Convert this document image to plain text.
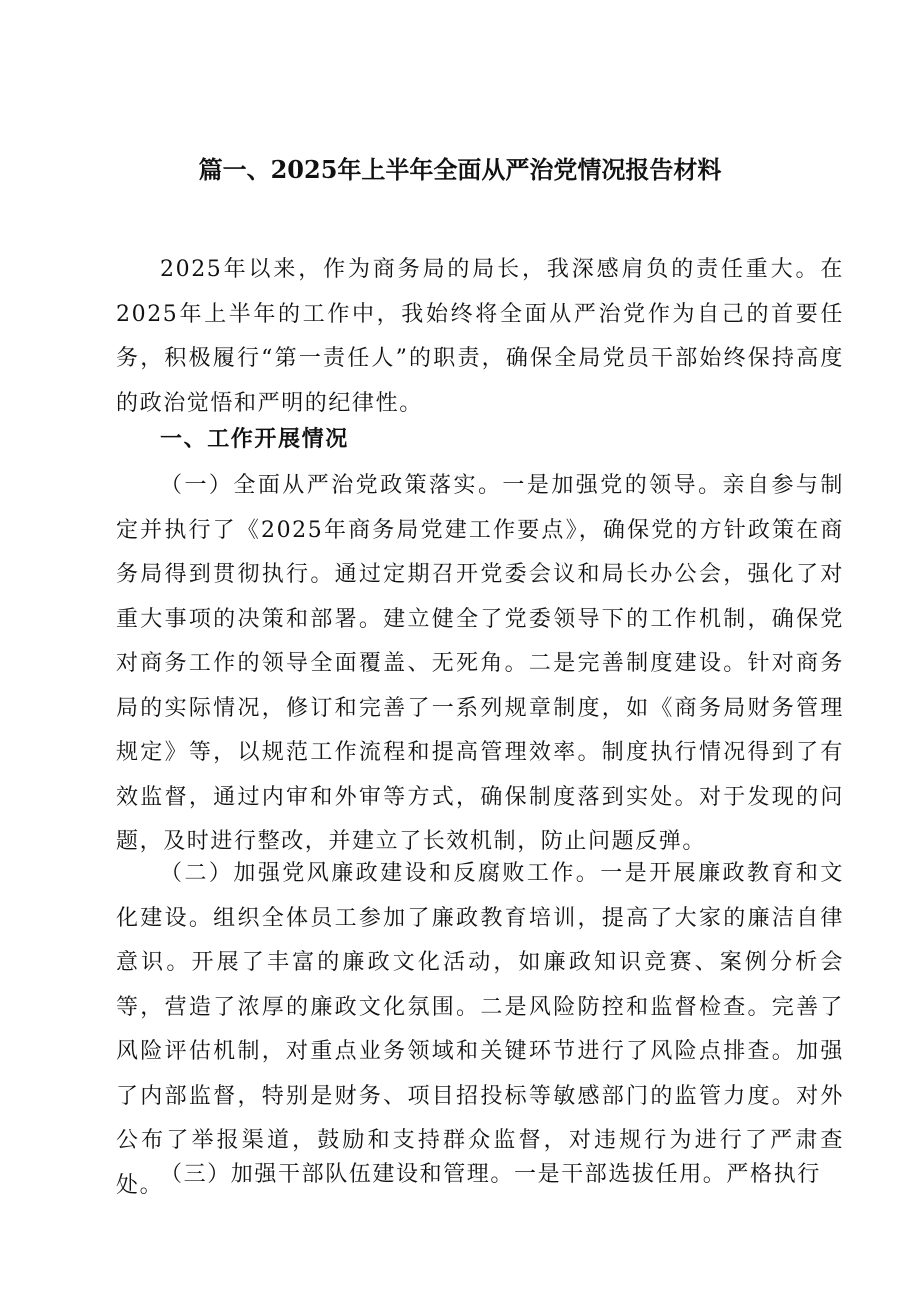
篇一、2025年上半年全面从严治党情况报告材料

2025年以来，作为商务局的局长，我深感肩负的责任重大。在2025年上半年的工作中，我始终将全面从严治党作为自己的首要任务，积极履行“第一责任人”的职责，确保全局党员干部始终保持高度的政治觉悟和严明的纪律性。

一、工作开展情况

（一）全面从严治党政策落实。一是加强党的领导。亲自参与制定并执行了《2025年商务局党建工作要点》，确保党的方针政策在商务局得到贯彻执行。通过定期召开党委会议和局长办公会，强化了对重大事项的决策和部署。建立健全了党委领导下的工作机制，确保党对商务工作的领导全面覆盖、无死角。二是完善制度建设。针对商务局的实际情况，修订和完善了一系列规章制度，如《商务局财务管理规定》等，以规范工作流程和提高管理效率。制度执行情况得到了有效监督，通过内审和外审等方式，确保制度落到实处。对于发现的问题，及时进行整改，并建立了长效机制，防止问题反弹。

（二）加强党风廉政建设和反腐败工作。一是开展廉政教育和文化建设。组织全体员工参加了廉政教育培训，提高了大家的廉洁自律意识。开展了丰富的廉政文化活动，如廉政知识竞赛、案例分析会等，营造了浓厚的廉政文化氛围。二是风险防控和监督检查。完善了风险评估机制，对重点业务领域和关键环节进行了风险点排查。加强了内部监督，特别是财务、项目招投标等敏感部门的监管力度。对外公布了举报渠道，鼓励和支持群众监督，对违规行为进行了严肃查处。

（三）加强干部队伍建设和管理。一是干部选拔任用。严格执行
